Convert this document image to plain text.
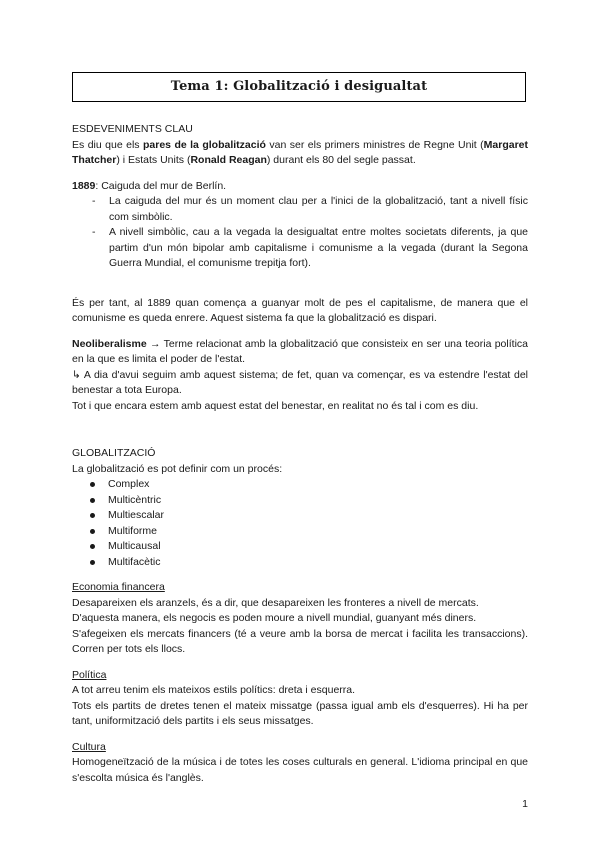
Tema 1: Globalització i desigualtat
ESDEVENIMENTS CLAU

Es diu que els pares de la globalització van ser els primers ministres de Regne Unit (Margaret Thatcher) i Estats Units (Ronald Reagan) durant els 80 del segle passat.

1889: Caiguda del mur de Berlín.

- La caiguda del mur és un moment clau per a l'inici de la globalització, tant a nivell físic com simbòlic.
- A nivell simbòlic, cau a la vegada la desigualtat entre moltes societats diferents, ja que partim d'un món bipolar amb capitalisme i comunisme a la vegada (durant la Segona Guerra Mundial, el comunisme trepitja fort).

És per tant, al 1889 quan comença a guanyar molt de pes el capitalisme, de manera que el comunisme es queda enrere. Aquest sistema fa que la globalització es dispari.

Neoliberalisme → Terme relacionat amb la globalització que consisteix en ser una teoria política en la que es limita el poder de l'estat.

↳ A dia d'avui seguim amb aquest sistema; de fet, quan va començar, es va estendre l'estat del benestar a tota Europa.

Tot i que encara estem amb aquest estat del benestar, en realitat no és tal i com es diu.

GLOBALITZACIÓ

La globalització es pot definir com un procés:

Complex
Multicèntric
Multiescalar
Multiforme
Multicausal
Multifacètic
Economia financera

Desapareixen els aranzels, és a dir, que desapareixen les fronteres a nivell de mercats.

D'aquesta manera, els negocis es poden moure a nivell mundial, guanyant més diners.

S'afegeixen els mercats financers (té a veure amb la borsa de mercat i facilita les transaccions). Corren per tots els llocs.

Política

A tot arreu tenim els mateixos estils polítics: dreta i esquerra.

Tots els partits de dretes tenen el mateix missatge (passa igual amb els d'esquerres). Hi ha per tant, uniformització dels partits i els seus missatges.

Cultura

Homogeneïtzació de la música i de totes les coses culturals en general. L'idioma principal en que s'escolta música és l'anglès.

1
